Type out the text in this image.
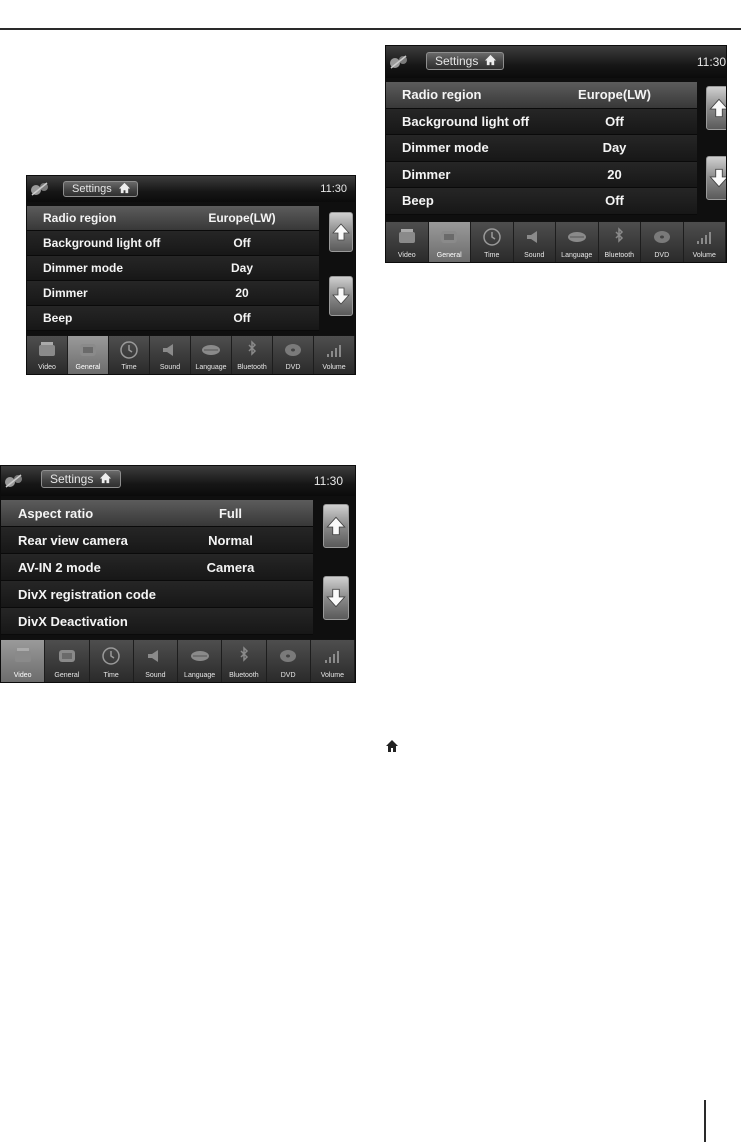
Settings	11:30
Radio region	Europe(LW)
Background light off	Off
Dimmer mode	Day
Dimmer	20
Beep	Off
Video	General	Time	Sound Language Bluetooth	DVD	Volume
Settings	11:30
Radio region	Europe(LW)
Background light off	Off
Dimmer mode	Day
Dimmer	20
Beep	Off
Video	General	Time	Sound Language Bluetooth	DVD	Volume
Settings	11:30
Aspect ratio	Full
Rear view camera	Normal
AV-IN 2 mode	Camera
DivX registration code
DivX Deactivation
Video	General	Time	Sound	Language Bluetooth	DVD	Volume
